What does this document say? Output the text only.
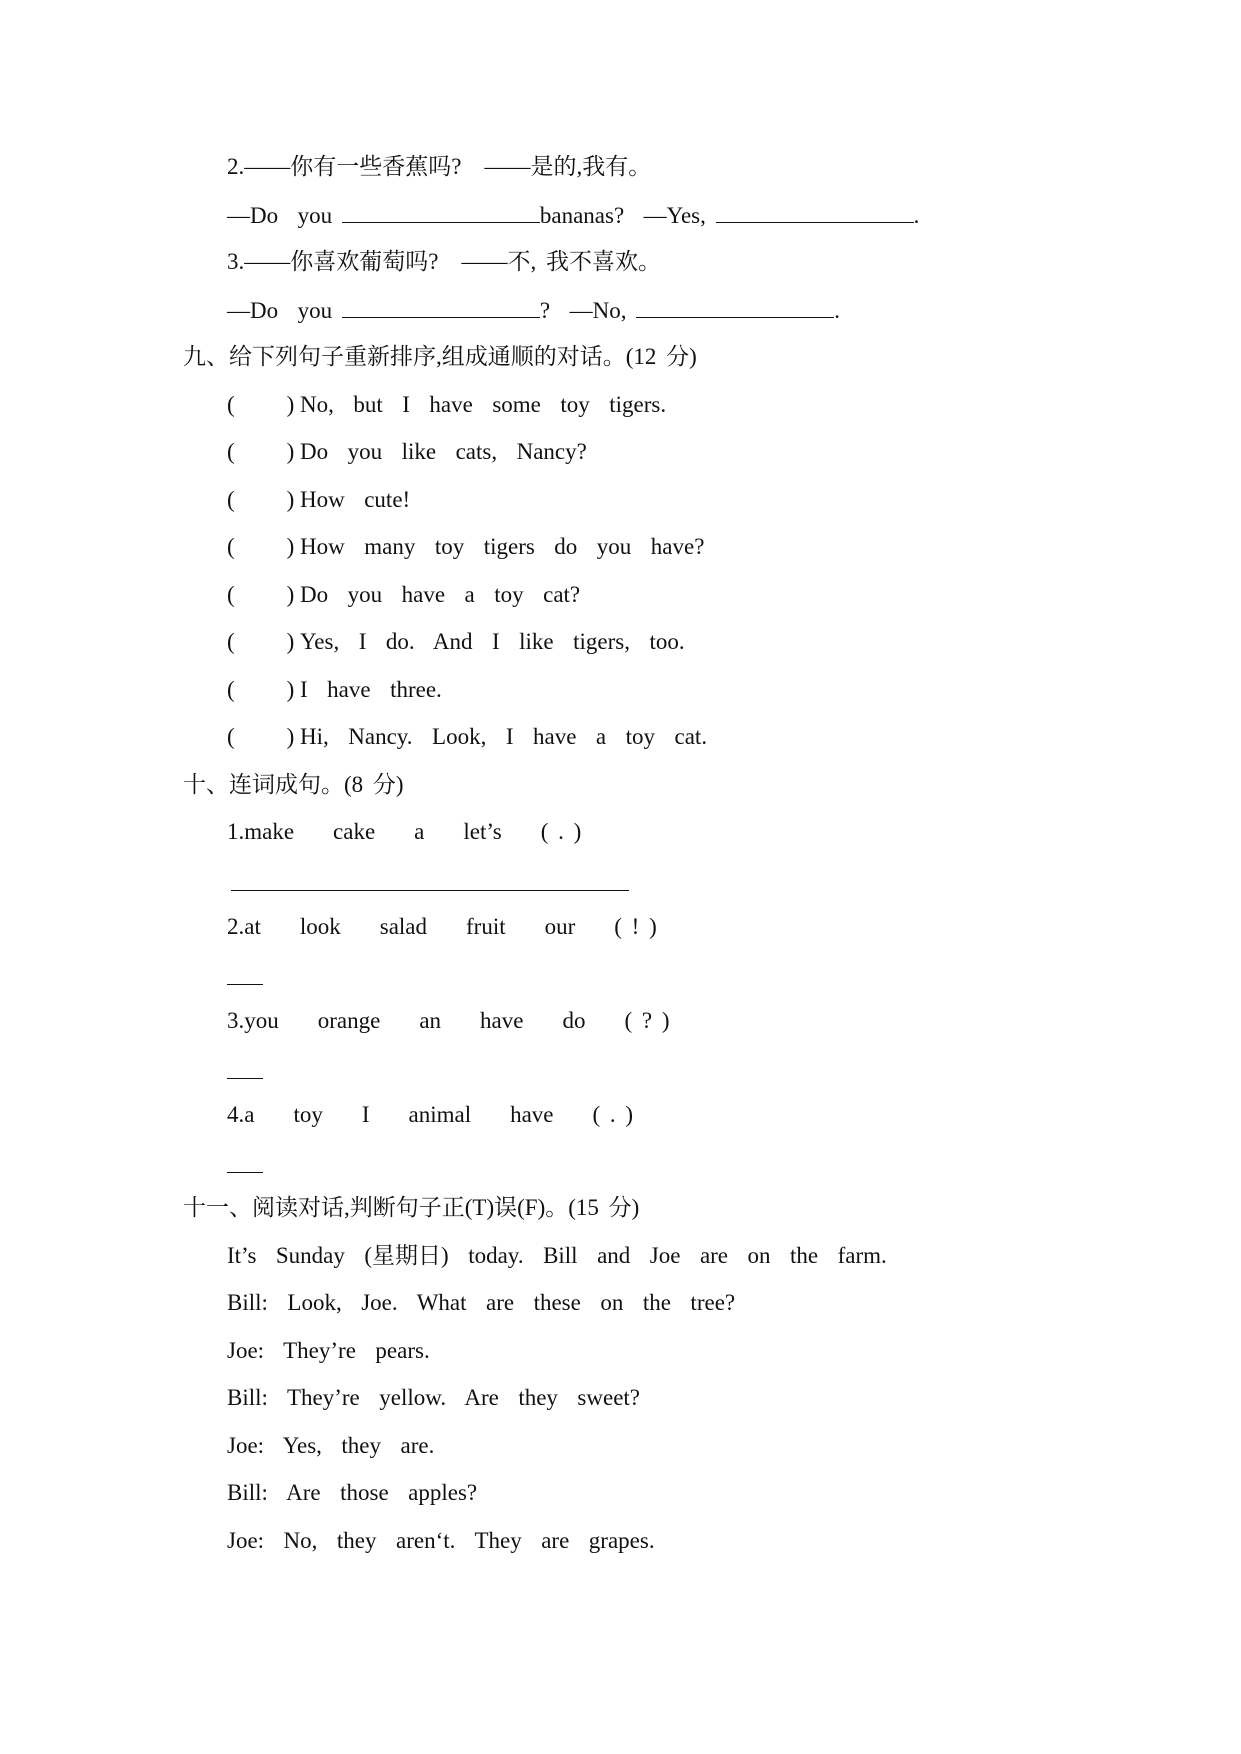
2.——你有一些香蕉吗?　——是的,我有。
—Do  you	bananas?  —Yes,	.
3.——你喜欢葡萄吗?　——不, 我不喜欢。
—Do  you	?  —No,	.
九、给下列句子重新排序,组成通顺的对话。(12 分)
( ) No,  but  I  have  some  toy  tigers.
( ) Do  you  like  cats,  Nancy?
( ) How  cute!
( ) How  many  toy  tigers  do  you  have?
( ) Do  you  have  a  toy  cat?
( ) Yes,  I  do.  And  I  like  tigers,  too.
( ) I  have  three.
( ) Hi,  Nancy.  Look,  I  have  a  toy  cat.
十、连词成句。(8 分)
1.make    cake    a    let’s    ( . )
2.at    look    salad    fruit    our    ( ! )
3.you    orange    an    have    do    ( ? )
4.a    toy    I    animal    have    ( . )
十一、阅读对话,判断句子正(T)误(F)。(15 分)
It’s  Sunday  (星期日)  today.  Bill  and  Joe  are  on  the  farm.
Bill:  Look,  Joe.  What  are  these  on  the  tree?
Joe:  They’re  pears.
Bill:  They’re  yellow.  Are  they  sweet?
Joe:  Yes,  they  are.
Bill:  Are  those  apples?
Joe:  No,  they  aren‘t.  They  are  grapes.
